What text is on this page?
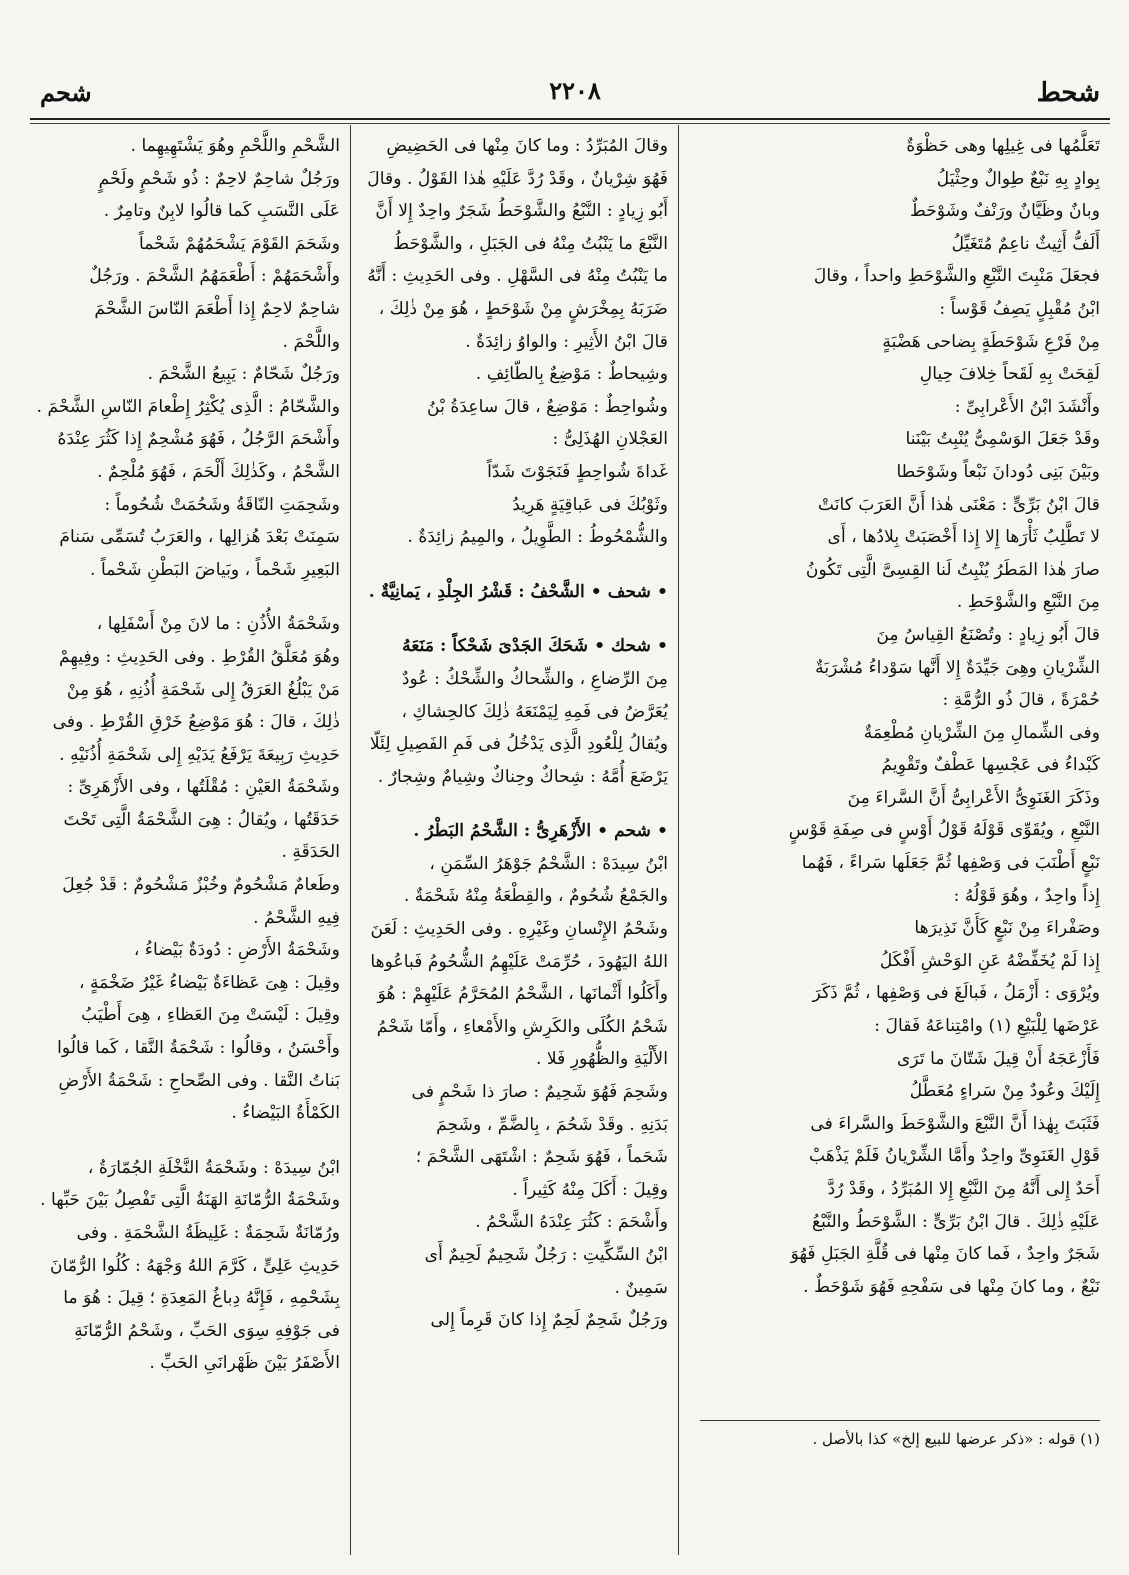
شحم	٢٢٠٨	شحط

تَعَلَّمُها فى غِيلِها وهى حَظْوَةٌ

بِوادٍ بِهِ نَبْعٌ طِوالٌ وحِثْيَلُ

وبانٌ وظَيَّانٌ ورَنْفٌ وشَوْحَطٌ

أَلَفُّ أَثِيثٌ ناعِمٌ مُتَغَيِّلُ

فجعَلَ مَنْبِتَ النَّبْعِ والشَّوْحَطِ واحداً ، وقالَ

ابْنُ مُقْبِلٍ يَصِفُ قَوْساً :

مِنْ فَرْعِ شَوْحَطَةٍ بِضاحى هَضْبَةٍ

لَقِحَتْ بِهِ لَقَحاً خِلافَ حِيالِ

وأَنْشَدَ ابْنُ الأَعْرابِىِّ :

وقَدْ جَعَلَ الوَسْمِىُّ يُنْبِتُ بَيْنَنا

وبَيْنَ بَنِى دُودانَ نَبْعاً وشَوْحَطا

قالَ ابْنُ بَرِّىٍّ : مَعْنَى هٰذا أَنَّ العَرَبَ كانَتْ

لا تَطَّلِبُ ثَأْرَها إِلا إِذا أَخْصَبَتْ بِلادُها ، أَى

صارَ هٰذا المَطَرُ يُنْبِتُ لَنا القِسِىَّ الَّتِى تَكُونُ

مِنَ النَّبْعِ والشَّوْحَطِ .

قالَ أَبُو زِيادٍ : وتُصْنَعُ القِياسُ مِنَ

الشِّرْيانِ وهِىَ جَيِّدَةٌ إِلا أَنَّها سَوْداءُ مُشْرَبَةٌ

حُمْرَةً ، قالَ ذُو الرُّمَّةِ :

وفى الشِّمالِ مِنَ الشِّرْيانِ مُطْعِمَةٌ

كَبْداءُ فى عَجْسِها عَطْفٌ وتَقْوِيمُ

وذَكَرَ الغَنَوِىُّ الأَعْرابِىُّ أَنَّ السَّراءَ مِنَ

النَّبْعِ ، ويُقَوِّى قَوْلَهُ قَوْلُ أَوْسٍ فى صِفَةِ قَوْسٍ

نَبْعٍ أَطْنَبَ فى وَصْفِها ثُمَّ جَعَلَها سَراءً ، فَهُما

إِذاً واحِدٌ ، وهُوَ قَوْلُهُ :

وصَفْراءَ مِنْ نَبْعٍ كَأَنَّ نَذِيرَها

إِذا لَمْ يُخَفِّضْهُ عَنِ الوَحْشِ أَفْكَلُ

ويُرْوَى : أَزْمَلُ ، فَبالَغَ فى وَصْفِها ، ثُمَّ ذَكَرَ

عَرْضَها لِلْبَيْعِ (١) وامْتِناعَهُ فَقالَ :

فَأَزْعَجَهُ أَنْ قِيلَ شَتّانَ ما تَرَى

إِلَيْكَ وعُودٌ مِنْ سَراءٍ مُعَطَّلُ

فَثَبَتَ بِهٰذا أَنَّ النَّبْعَ والشَّوْحَطَ والسَّراءَ فى

قَوْلِ الغَنَوِىِّ واحِدٌ وأَمَّا الشِّرْيانُ فَلَمْ يَذْهَبْ

أَحَدٌ إِلى أَنَّهُ مِنَ النَّبْعِ إِلا المُبَرِّدُ ، وقَدْ رُدَّ

عَلَيْهِ ذٰلِكَ . قالَ ابْنُ بَرِّىٍّ : الشَّوْحَطُ والنَّبْعُ

شَجَرٌ واحِدٌ ، فَما كانَ مِنْها فى قُلَّةِ الجَبَلِ فَهُوَ

نَبْعٌ ، وما كانَ مِنْها فى سَفْحِهِ فَهُوَ شَوْحَطٌ .

وقالَ المُبَرِّدُ : وما كانَ مِنْها فى الحَضِيضِ

فَهُوَ شِرْيانٌ ، وقَدْ رُدَّ عَلَيْهِ هٰذا القَوْلُ . وقالَ

أَبُو زِيادٍ : النَّبْعُ والشَّوْحَطُ شَجَرٌ واحِدٌ إِلا أَنَّ

النَّبْعَ ما يَنْبُتُ مِنْهُ فى الجَبَلِ ، والشَّوْحَطُ

ما يَنْبُتُ مِنْهُ فى السَّهْلِ . وفى الحَدِيثِ : أَنَّهُ

ضَرَبَهُ بِمِخْرَشٍ مِنْ شَوْحَطٍ ، هُوَ مِنْ ذٰلِكَ ،

قالَ ابْنُ الأَثِيرِ : والواوُ زائِدَةٌ .

وشِيحاطٌ : مَوْضِعٌ بِالطّائِفِ .

وشُواحِطٌ : مَوْضِعٌ ، قالَ ساعِدَةُ بْنُ

العَجْلانِ الهُذَلِىُّ :

غَداةَ شُواحِطٍ فَنَجَوْتَ شَدّاً

وثَوْبُكَ فى عَباقِيَةٍ هَرِيدُ

والشُّمْحُوطُ : الطَّوِيلُ ، والمِيمُ زائِدَةٌ .

• شحف • الشَّحْفُ : قَشْرُ الجِلْدِ ، يَمانِيَّةٌ .

• شحك • شَحَكَ الجَدْىَ شَحْكاً : مَنَعَهُ

مِنَ الرِّضاعِ ، والشِّحاكُ والشِّحْكُ : عُودٌ

يُعَرَّضُ فى فَمِهِ لِيَمْنَعَهُ ذٰلِكَ كالحِشاكِ ،

ويُقالُ لِلْعُودِ الَّذِى يَدْخُلُ فى فَمِ الفَصِيلِ لِئَلّا

يَرْضَعَ أُمَّهُ : شِحاكٌ وحِناكٌ وشِيامٌ وشِجارٌ .

• شحم • الأَزْهَرِىُّ : الشَّحْمُ البَطْرُ .

ابْنُ سِيدَهْ : الشَّحْمُ جَوْهَرُ السِّمَنِ ،

والجَمْعُ شُحُومٌ ، والقِطْعَةُ مِنْهُ شَحْمَةٌ .

وشَحْمُ الإِنْسانِ وغَيْرِهِ . وفى الحَدِيثِ : لَعَنَ

اللهُ اليَهُودَ ، حُرِّمَتْ عَلَيْهِمُ الشُّحُومُ فَباعُوها

وأَكَلُوا أَثْمانَها ، الشَّحْمُ المُحَرَّمُ عَلَيْهِمْ : هُوَ

شَحْمُ الكُلَى والكَرِشِ والأَمْعاءِ ، وأَمّا شَحْمُ

الأَلْيَةِ والظُّهُورِ فَلا .

وشَحِمَ فَهُوَ شَحِيمٌ : صارَ ذا شَحْمٍ فى

بَدَنِهِ . وقَدْ شَحُمَ ، بِالضَّمِّ ، وشَحِمَ

شَحَماً ، فَهُوَ شَحِمٌ : اشْتَهَى الشَّحْمَ ؛

وقِيلَ : أَكَلَ مِنْهُ كَثِيراً .

وأَشْحَمَ : كَثُرَ عِنْدَهُ الشَّحْمُ .

ابْنُ السِّكِّيتِ : رَجُلٌ شَحِيمٌ لَحِيمٌ أَى

سَمِينٌ .

ورَجُلٌ شَحِمٌ لَحِمٌ إِذا كانَ قَرِماً إِلى

الشَّحْمِ واللَّحْمِ وهُوَ يَشْتَهِيهِما .

ورَجُلٌ شاحِمٌ لاحِمٌ : ذُو شَحْمٍ ولَحْمٍ

عَلَى النَّسَبِ كَما قالُوا لابِنٌ وتامِرٌ .

وشَحَمَ القَوْمَ يَشْحَمُهُمْ شَحْماً

وأَشْحَمَهُمْ : أَطْعَمَهُمُ الشَّحْمَ . ورَجُلٌ

شاحِمٌ لاحِمٌ إِذا أَطْعَمَ النّاسَ الشَّحْمَ

واللَّحْمَ .

ورَجُلٌ شَحّامٌ : يَبِيعُ الشَّحْمَ .

والشَّحّامُ : الَّذِى يُكْثِرُ إِطْعامَ النّاسِ الشَّحْمَ .

وأَشْحَمَ الرَّجُلُ ، فَهُوَ مُشْحِمٌ إِذا كَثُرَ عِنْدَهُ

الشَّحْمُ ، وكَذٰلِكَ أَلْحَمَ ، فَهُوَ مُلْحِمٌ .

وشَحِمَتِ النّاقَةُ وشَحُمَتْ شُحُوماً :

سَمِنَتْ بَعْدَ هُزالِها ، والعَرَبُ تُسَمِّى سَنامَ

البَعِيرِ شَحْماً ، وبَياضَ البَطْنِ شَحْماً .

وشَحْمَةُ الأُذُنِ : ما لانَ مِنْ أَسْفَلِها ،

وهُوَ مُعَلَّقُ القُرْطِ . وفى الحَدِيثِ : وفِيهِمْ

مَنْ يَبْلُغُ العَرَقُ إِلى شَحْمَةِ أُذُنِهِ ، هُوَ مِنْ

ذٰلِكَ ، قالَ : هُوَ مَوْضِعُ خَرْقِ القُرْطِ . وفى

حَدِيثِ رَبِيعَةَ يَرْفَعُ يَدَيْهِ إِلى شَحْمَةِ أُذُنَيْهِ .

وشَحْمَةُ العَيْنِ : مُقْلَتُها ، وفى الأَزْهَرِىِّ :

حَدَقَتُها ، ويُقالُ : هِىَ الشَّحْمَةُ الَّتِى تَحْتَ

الحَدَقَةِ .

وطَعامٌ مَشْحُومٌ وخُبْزٌ مَشْحُومٌ : قَدْ جُعِلَ

فِيهِ الشَّحْمُ .

وشَحْمَةُ الأَرْضِ : دُودَةٌ بَيْضاءُ ،

وقِيلَ : هِىَ عَظاءَةٌ بَيْضاءُ غَيْرُ ضَخْمَةٍ ،

وقِيلَ : لَيْسَتْ مِنَ العَظاءِ ، هِىَ أَطْيَبُ

وأَحْسَنُ ، وقالُوا : شَحْمَةُ النَّقا ، كَما قالُوا

بَناتُ النَّقا . وفى الصِّحاحِ : شَحْمَةُ الأَرْضِ

الكَمْأَةُ البَيْضاءُ .

ابْنُ سِيدَهْ : وشَحْمَةُ النَّخْلَةِ الجُمّارَةُ ،

وشَحْمَةُ الرُّمّانَةِ الهَنَةُ الَّتِى تَفْصِلُ بَيْنَ حَبِّها .

ورُمّانَةٌ شَحِمَةٌ : غَلِيظَةُ الشَّحْمَةِ . وفى

حَدِيثِ عَلِىٍّ ، كَرَّمَ اللهُ وَجْهَهُ : كُلُوا الرُّمّانَ

بِشَحْمِهِ ، فَإِنَّهُ دِباغُ المَعِدَةِ ؛ قِيلَ : هُوَ ما

فى جَوْفِهِ سِوَى الحَبِّ ، وشَحْمُ الرُّمّانَةِ

الأَصْفَرُ بَيْنَ ظَهْرانَىِ الحَبِّ .

(١) قوله : «ذكر عرضها للبيع إلخ» كذا بالأصل .
